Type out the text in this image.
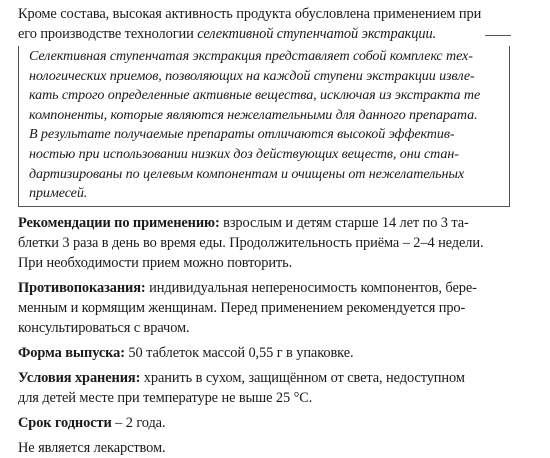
Кроме состава, высокая активность продукта обусловлена применением при
его производстве технологии селективной ступенчатой экстракции.
Селективная ступенчатая экстракция представляет собой комплекс тех-
нологических приемов, позволяющих на каждой ступени экстракции извле-
кать строго определенные активные вещества, исключая из экстракта те
компоненты, которые являются нежелательными для данного препарата.
В результате получаемые препараты отличаются высокой эффектив-
ностью при использовании низких доз действующих веществ, они стан-
дартизированы по целевым компонентам и очищены от нежелательных
примесей.
Рекомендации по применению: взрослым и детям старше 14 лет по 3 та-
блетки 3 раза в день во время еды. Продолжительность приёма – 2–4 недели.
При необходимости прием можно повторить.
Противопоказания: индивидуальная непереносимость компонентов, бере-
менным и кормящим женщинам. Перед применением рекомендуется про-
консультироваться с врачом.
Форма выпуска: 50 таблеток массой 0,55 г в упаковке.
Условия хранения: хранить в сухом, защищённом от света, недоступном
для детей месте при температуре не выше 25 °С.
Срок годности – 2 года.
Не является лекарством.
